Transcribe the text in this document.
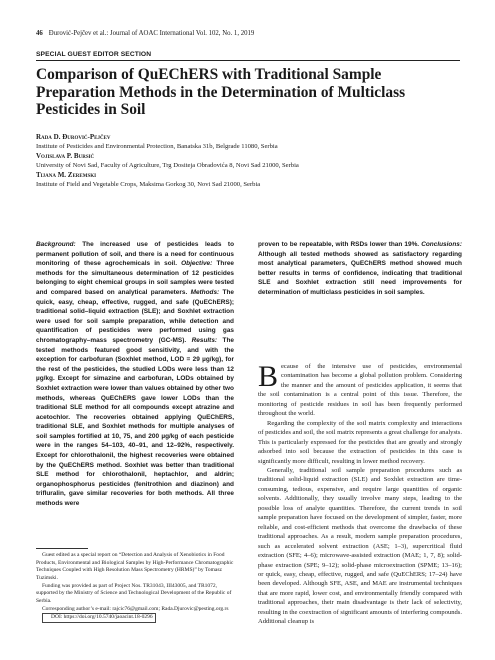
46 Đurović-Pejčev et al.: Journal of AOAC International Vol. 102, No. 1, 2019
SPECIAL GUEST EDITOR SECTION
Comparison of QuEChERS with Traditional Sample Preparation Methods in the Determination of Multiclass Pesticides in Soil
Rada D. Đurović-Pejčev
Institute of Pesticides and Environmental Protection, Banatska 31b, Belgrade 11080, Serbia
Vojislava P. Bursić
University of Novi Sad, Faculty of Agriculture, Trg Dositeja Obradovića 8, Novi Sad 21000, Serbia
Tijana M. Zeremski
Institute of Field and Vegetable Crops, Maksima Gorkog 30, Novi Sad 21000, Serbia
Background: The increased use of pesticides leads to permanent pollution of soil, and there is a need for continuous monitoring of these agrochemicals in soil. Objective: Three methods for the simultaneous determination of 12 pesticides belonging to eight chemical groups in soil samples were tested and compared based on analytical parameters. Methods: The quick, easy, cheap, effective, rugged, and safe (QuEChERS); traditional solid–liquid extraction (SLE); and Soxhlet extraction were used for soil sample preparation, while detection and quantification of pesticides were performed using gas chromatography–mass spectrometry (GC-MS). Results: The tested methods featured good sensitivity, and with the exception for carbofuran (Soxhlet method, LOD = 29 µg/kg), for the rest of the pesticides, the studied LODs were less than 12 µg/kg. Except for simazine and carbofuran, LODs obtained by Soxhlet extraction were lower than values obtained by other two methods, whereas QuEChERS gave lower LODs than the traditional SLE method for all compounds except atrazine and acetochlor. The recoveries obtained applying QuEChERS, traditional SLE, and Soxhlet methods for multiple analyses of soil samples fortified at 10, 75, and 200 µg/kg of each pesticide were in the ranges 54–103, 40–91, and 12–92%, respectively. Except for chlorothalonil, the highest recoveries were obtained by the QuEChERS method. Soxhlet was better than traditional SLE method for chlorothalonil, heptachlor, and aldrin; organophosphorus pesticides (fenitrothion and diazinon) and trifluralin, gave similar recoveries for both methods. All three methods were
proven to be repeatable, with RSDs lower than 19%. Conclusions: Although all tested methods showed as satisfactory regarding most analytical parameters, QuEChERS method showed much better results in terms of confidence, indicating that traditional SLE and Soxhlet extraction still need improvements for determination of multiclass pesticides in soil samples.

Because of the intensive use of pesticides, environmental contamination has become a global pollution problem. Considering the manner and the amount of pesticides application, it seems that the soil contamination is a central point of this issue. Therefore, the monitoring of pesticide residues in soil has been frequently performed throughout the world.

Regarding the complexity of the soil matrix complexity and interactions of pesticides and soil, the soil matrix represents a great challenge for analysts. This is particularly expressed for the pesticides that are greatly and strongly adsorbed into soil because the extraction of pesticides in this case is significantly more difficult, resulting in lower method recovery.

Generally, traditional soil sample preparation procedures such as traditional solid-liquid extraction (SLE) and Soxhlet extraction are time-consuming, tedious, expensive, and require large quantities of organic solvents. Additionally, they usually involve many steps, leading to the possible loss of analyte quantities. Therefore, the current trends in soil sample preparation have focused on the development of simpler, faster, more reliable, and cost-efficient methods that overcome the drawbacks of these traditional approaches. As a result, modern sample preparation procedures, such as accelerated solvent extraction (ASE; 1–3), supercritical fluid extraction (SFE; 4–6); microwave-assisted extraction (MAE; 1, 7, 8); solid-phase extraction (SPE; 9–12); solid-phase microextraction (SPME; 13–16); or quick, easy, cheap, effective, rugged, and safe (QuEChERS; 17–24) have been developed. Although SFE, ASE, and MAE are instrumental techniques that are more rapid, lower cost, and environmentally friendly compared with traditional approaches, their main disadvantage is their lack of selectivity, resulting in the coextraction of significant amounts of interfering compounds. Additional cleanup is

Guest edited as a special report on “Detection and Analysis of Xenobiotics in Food Products, Environmental and Biological Samples by High-Performance Chromatographic Techniques Coupled with High Resolution Mass Spectrometry (HRMS)” by Tomasz Tuzimski.

Funding was provided as part of Project Nos. TR31043, III43005, and TR1072, supported by the Ministry of Science and Technological Development of the Republic of Serbia.

Corresponding author’s e-mail: rajcic76@gmail.com; Rada.Djurovic@pesting.org.rs

DOI: https://doi.org/10.5740/jaoacint.18-0296
